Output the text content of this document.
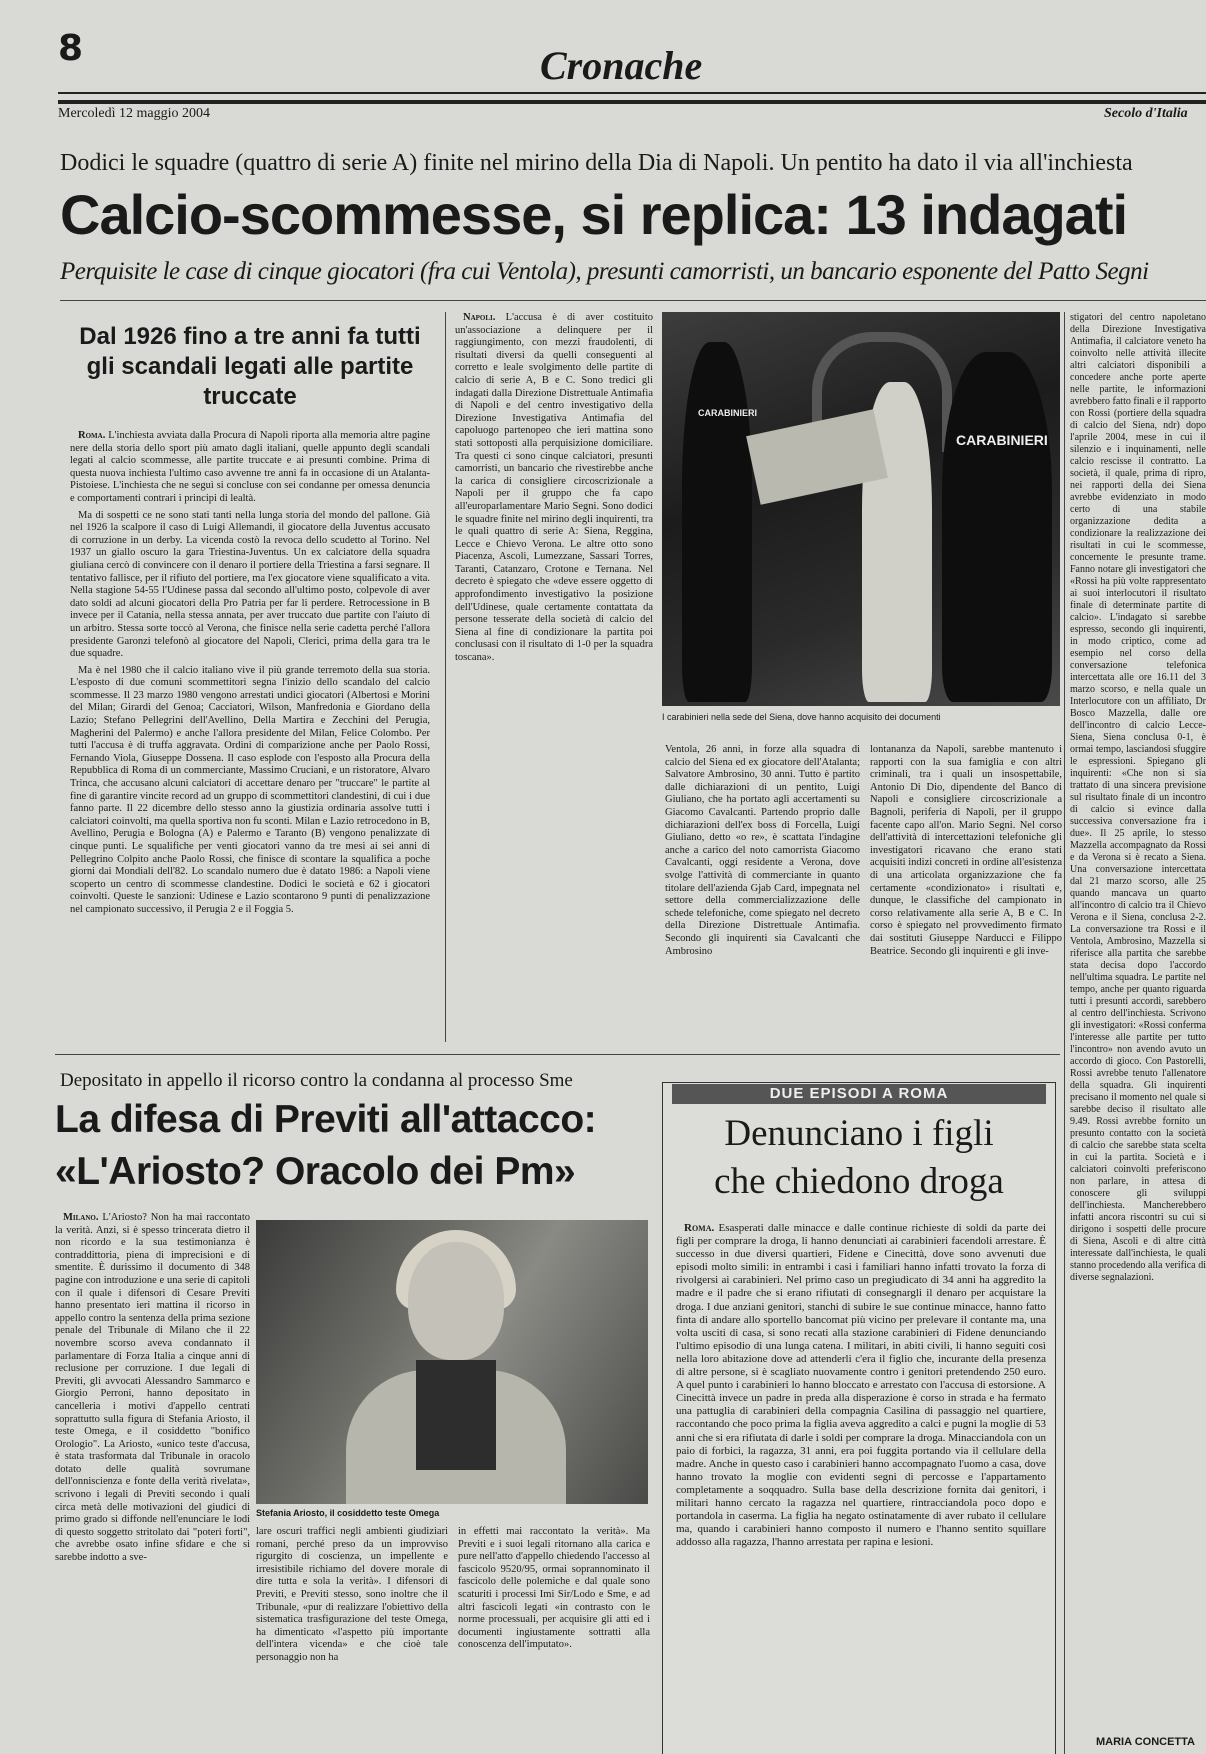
8	Cronache
Mercoledì 12 maggio 2004	Secolo d'Italia
Dodici le squadre (quattro di serie A) finite nel mirino della Dia di Napoli. Un pentito ha dato il via all'inchiesta
Calcio-scommesse, si replica: 13 indagati
Perquisite le case di cinque giocatori (fra cui Ventola), presunti camorristi, un bancario esponente del Patto Segni
Dal 1926 fino a tre anni fa tutti gli scandali legati alle partite truccate

Roma. L'inchiesta avviata dalla Procura di Napoli riporta alla memoria altre pagine nere della storia dello sport più amato dagli italiani, quelle appunto degli scandali legati al calcio scommesse, alle partite truccate e ai presunti combine. Prima di questa nuova inchiesta l'ultimo caso avvenne tre anni fa in occasione di un Atalanta-Pistoiese. L'inchiesta che ne seguì si concluse con sei condanne per omessa denuncia e comportamenti contrari i principi di lealtà.

Ma di sospetti ce ne sono stati tanti nella lunga storia del mondo del pallone. Già nel 1926 la scalpore il caso di Luigi Allemandi, il giocatore della Juventus accusato di corruzione in un derby. La vicenda costò la revoca dello scudetto al Torino. Nel 1937 un giallo oscuro la gara Triestina-Juventus. Un ex calciatore della squadra giuliana cercò di convincere con il denaro il portiere della Triestina a farsi segnare. Il tentativo fallisce, per il rifiuto del portiere, ma l'ex giocatore viene squalificato a vita. Nella stagione 54-55 l'Udinese passa dal secondo all'ultimo posto, colpevole di aver dato soldi ad alcuni giocatori della Pro Patria per far li perdere. Retrocessione in B invece per il Catania, nella stessa annata, per aver truccato due partite con l'aiuto di un arbitro. Stessa sorte toccò al Verona, che finisce nella serie cadetta perché l'allora presidente Garonzi telefonò al giocatore del Napoli, Clerici, prima della gara tra le due squadre.

Ma è nel 1980 che il calcio italiano vive il più grande terremoto della sua storia. L'esposto di due comuni scommettitori segna l'inizio dello scandalo del calcio scommesse. Il 23 marzo 1980 vengono arrestati undici giocatori (Albertosi e Morini del Milan; Girardi del Genoa; Cacciatori, Wilson, Manfredonia e Giordano della Lazio; Stefano Pellegrini dell'Avellino, Della Martira e Zecchini del Perugia, Magherini del Palermo) e anche l'allora presidente del Milan, Felice Colombo. Per tutti l'accusa è di truffa aggravata. Ordini di comparizione anche per Paolo Rossi, Fernando Viola, Giuseppe Dossena. Il caso esplode con l'esposto alla Procura della Repubblica di Roma di un commerciante, Massimo Cruciani, e un ristoratore, Alvaro Trinca, che accusano alcuni calciatori di accettare denaro per "truccare" le partite al fine di garantire vincite record ad un gruppo di scommettitori clandestini, di cui i due fanno parte. Il 22 dicembre dello stesso anno la giustizia ordinaria assolve tutti i calciatori coinvolti, ma quella sportiva non fu sconti. Milan e Lazio retrocedono in B, Avellino, Perugia e Bologna (A) e Palermo e Taranto (B) vengono penalizzate di cinque punti. Le squalifiche per venti giocatori vanno da tre mesi ai sei anni di Pellegrino Colpito anche Paolo Rossi, che finisce di scontare la squalifica a poche giorni dai Mondiali dell'82. Lo scandalo numero due è datato 1986: a Napoli viene scoperto un centro di scommesse clandestine. Dodici le società e 62 i giocatori coinvolti. Queste le sanzioni: Udinese e Lazio scontarono 9 punti di penalizzazione nel campionato successivo, il Perugia 2 e il Foggia 5.

Napoli. L'accusa è di aver costituito un'associazione a delinquere per il raggiungimento, con mezzi fraudolenti, di risultati diversi da quelli conseguenti al corretto e leale svolgimento delle partite di calcio di serie A, B e C. Sono tredici gli indagati dalla Direzione Distrettuale Antimafia di Napoli e del centro investigativo della Direzione Investigativa Antimafia del capoluogo partenopeo che ieri mattina sono stati sottoposti alla perquisizione domiciliare. Tra questi ci sono cinque calciatori, presunti camorristi, un bancario che rivestirebbe anche la carica di consigliere circoscrizionale a Napoli per il gruppo che fa capo all'europarlamentare Mario Segni. Sono dodici le squadre finite nel mirino degli inquirenti, tra le quali quattro di serie A: Siena, Reggina, Lecce e Chievo Verona. Le altre otto sono Piacenza, Ascoli, Lumezzane, Sassari Torres, Taranti, Catanzaro, Crotone e Ternana. Nel decreto è spiegato che «deve essere oggetto di approfondimento investigativo la posizione dell'Udinese, quale certamente contattata da persone tesserate della società di calcio del Siena al fine di condizionare la partita poi conclusasi con il risultato di 1-0 per la squadra toscana».

CARABINIERI
CARABINIERI
I carabinieri nella sede del Siena, dove hanno acquisito dei documenti
Ventola, 26 anni, in forze alla squadra di calcio del Siena ed ex giocatore dell'Atalanta; Salvatore Ambrosino, 30 anni. Tutto è partito dalle dichiarazioni di un pentito, Luigi Giuliano, che ha portato agli accertamenti su Giacomo Cavalcanti. Partendo proprio dalle dichiarazioni dell'ex boss di Forcella, Luigi Giuliano, detto «o re», è scattata l'indagine anche a carico del noto camorrista Giacomo Cavalcanti, oggi residente a Verona, dove svolge l'attività di commerciante in quanto titolare dell'azienda Gjab Card, impegnata nel settore della commercializzazione delle schede telefoniche, come spiegato nel decreto della Direzione Distrettuale Antimafia. Secondo gli inquirenti sia Cavalcanti che Ambrosino
lontananza da Napoli, sarebbe mantenuto i rapporti con la sua famiglia e con altri criminali, tra i quali un insospettabile, Antonio Di Dio, dipendente del Banco di Napoli e consigliere circoscrizionale a Bagnoli, periferia di Napoli, per il gruppo facente capo all'on. Mario Segni. Nel corso dell'attività di intercettazioni telefoniche gli investigatori ricavano che erano stati acquisiti indizi concreti in ordine all'esistenza di una articolata organizzazione che fa certamente «condizionato» i risultati e, dunque, le classifiche del campionato in corso relativamente alla serie A, B e C. In corso è spiegato nel provvedimento firmato dai sostituti Giuseppe Narducci e Filippo Beatrice. Secondo gli inquirenti e gli inve-
stigatori del centro napoletano della Direzione Investigativa Antimafia, il calciatore veneto ha coinvolto nelle attività illecite altri calciatori disponibili a concedere anche porte aperte nelle partite, le informazioni avrebbero fatto finali e il rapporto con Rossi (portiere della squadra di calcio del Siena, ndr) dopo l'aprile 2004, mese in cui il silenzio e i inquinamenti, nelle calcio rescisse il contratto. La società, il quale, prima di ripro, nei rapporti della dei Siena avrebbe evidenziato in modo certo di una stabile organizzazione dedita a condizionare la realizzazione dei risultati in cui le scommesse, concernente le presunte trame. Fanno notare gli investigatori che «Rossi ha più volte rappresentato ai suoi interlocutori il risultato finale di determinate partite di calcio». L'indagato si sarebbe espresso, secondo gli inquirenti, in modo criptico, come ad esempio nel corso della conversazione telefonica intercettata alle ore 16.11 del 3 marzo scorso, e nella quale un Interlocutore con un affiliato, Dr Bosco Mazzella, dalle ore dell'incontro di calcio Lecce-Siena, Siena conclusa 0-1, è ormai tempo, lasciandosi sfuggire le espressioni. Spiegano gli inquirenti: «Che non si sia trattato di una sincera previsione sul risultato finale di un incontro di calcio si evince dalla successiva conversazione fra i due». Il 25 aprile, lo stesso Mazzella accompagnato da Rossi e da Verona si è recato a Siena. Una conversazione intercettata dal 21 marzo scorso, alle 25 quando mancava un quarto all'incontro di calcio tra il Chievo Verona e il Siena, conclusa 2-2. La conversazione tra Rossi e il Ventola, Ambrosino, Mazzella si riferisce alla partita che sarebbe stata decisa dopo l'accordo nell'ultima squadra. Le partite nel tempo, anche per quanto riguarda tutti i presunti accordi, sarebbero al centro dell'inchiesta. Scrivono gli investigatori: «Rossi conferma l'interesse alle partite per tutto l'incontro» non avendo avuto un accordo di gioco. Con Pastorelli, Rossi avrebbe tenuto l'allenatore della squadra. Gli inquirenti precisano il momento nel quale si sarebbe deciso il risultato alle 9.49. Rossi avrebbe fornito un presunto contatto con la società di calcio che sarebbe stata scelta in cui la partita. Società e i calciatori coinvolti preferiscono non parlare, in attesa di conoscere gli sviluppi dell'inchiesta. Mancherebbero infatti ancora riscontri su cui si dirigono i sospetti delle procure di Siena, Ascoli e di altre città interessate dall'inchiesta, le quali stanno procedendo alla verifica di diverse segnalazioni.
MARIA CONCETTA
Depositato in appello il ricorso contro la condanna al processo Sme
La difesa di Previti all'attacco:
«L'Ariosto? Oracolo dei Pm»

Milano. L'Ariosto? Non ha mai raccontato la verità. Anzi, si è spesso trincerata dietro il non ricordo e la sua testimonianza è contraddittoria, piena di imprecisioni e di smentite. È durissimo il documento di 348 pagine con introduzione e una serie di capitoli con il quale i difensori di Cesare Previti hanno presentato ieri mattina il ricorso in appello contro la sentenza della prima sezione penale del Tribunale di Milano che il 22 novembre scorso aveva condannato il parlamentare di Forza Italia a cinque anni di reclusione per corruzione. I due legali di Previti, gli avvocati Alessandro Sammarco e Giorgio Perroni, hanno depositato in cancelleria i motivi d'appello centrati soprattutto sulla figura di Stefania Ariosto, il teste Omega, e il cosiddetto "bonifico Orologio". La Ariosto, «unico teste d'accusa, è stata trasformata dal Tribunale in oracolo dotato delle qualità sovrumane dell'onniscienza e fonte della verità rivelata», scrivono i legali di Previti secondo i quali circa metà delle motivazioni del giudici di primo grado si diffonde nell'enunciare le lodi di questo soggetto stritolato dai "poteri forti", che avrebbe osato infine sfidare e che si sarebbe indotto a sve-

Stefania Ariosto, il cosiddetto teste Omega
lare oscuri traffici negli ambienti giudiziari romani, perché preso da un improvviso rigurgito di coscienza, un impellente e irresistibile richiamo del dovere morale di dire tutta e sola la verità». I difensori di Previti, e Previti stesso, sono inoltre che il Tribunale, «pur di realizzare l'obiettivo della sistematica trasfigurazione del teste Omega, ha dimenticato «l'aspetto più importante dell'intera vicenda» e che cioè tale personaggio non ha
in effetti mai raccontato la verità». Ma Previti e i suoi legali ritornano alla carica e pure nell'atto d'appello chiedendo l'accesso al fascicolo 9520/95, ormai soprannominato il fascicolo delle polemiche e dal quale sono scaturiti i processi Imi Sir/Lodo e Sme, e ad altri fascicoli legati «in contrasto con le norme processuali, per acquisire gli atti ed i documenti ingiustamente sottratti alla conoscenza dell'imputato».
DUE EPISODI A ROMA
Denunciano i figli
che chiedono droga

Roma. Esasperati dalle minacce e dalle continue richieste di soldi da parte dei figli per comprare la droga, li hanno denunciati ai carabinieri facendoli arrestare. È successo in due diversi quartieri, Fidene e Cinecittà, dove sono avvenuti due episodi molto simili: in entrambi i casi i familiari hanno infatti trovato la forza di rivolgersi ai carabinieri. Nel primo caso un pregiudicato di 34 anni ha aggredito la madre e il padre che si erano rifiutati di consegnargli il denaro per acquistare la droga. I due anziani genitori, stanchi di subire le sue continue minacce, hanno fatto finta di andare allo sportello bancomat più vicino per prelevare il contante ma, una volta usciti di casa, si sono recati alla stazione carabinieri di Fidene denunciando l'ultimo episodio di una lunga catena. I militari, in abiti civili, li hanno seguiti così nella loro abitazione dove ad attenderli c'era il figlio che, incurante della presenza di altre persone, si è scagliato nuovamente contro i genitori pretendendo 250 euro. A quel punto i carabinieri lo hanno bloccato e arrestato con l'accusa di estorsione. A Cinecittà invece un padre in preda alla disperazione è corso in strada e ha fermato una pattuglia di carabinieri della compagnia Casilina di passaggio nel quartiere, raccontando che poco prima la figlia aveva aggredito a calci e pugni la moglie di 53 anni che si era rifiutata di darle i soldi per comprare la droga. Minacciandola con un paio di forbici, la ragazza, 31 anni, era poi fuggita portando via il cellulare della madre. Anche in questo caso i carabinieri hanno accompagnato l'uomo a casa, dove hanno trovato la moglie con evidenti segni di percosse e l'appartamento completamente a soqquadro. Sulla base della descrizione fornita dai genitori, i militari hanno cercato la ragazza nel quartiere, rintracciandola poco dopo e portandola in caserma. La figlia ha negato ostinatamente di aver rubato il cellulare ma, quando i carabinieri hanno composto il numero e l'hanno sentito squillare addosso alla ragazza, l'hanno arrestata per rapina e lesioni.
